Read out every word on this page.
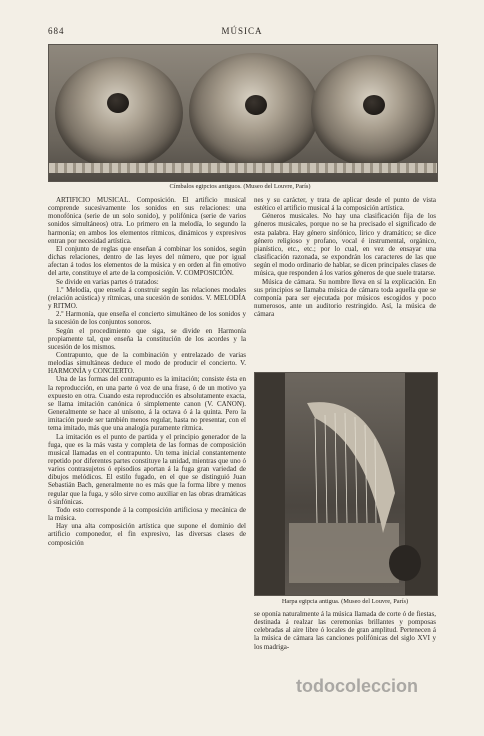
684	MÚSICA
Címbalos egipcios antiguos. (Museo del Louvre, París)

ARTIFICIO MUSICAL. Composición. El artificio musical comprende sucesivamente los sonidos en sus relaciones: una monofónica (serie de un solo sonido), y polifónica (serie de varios sonidos simultáneos) otra. Lo primero en la melodía, lo segundo la harmonía; en ambos los elementos rítmicos, dinámicos y expresivos entran por necesidad artística.

El conjunto de reglas que enseñan á combinar los sonidos, según dichas relaciones, dentro de las leyes del número, que por igual afectan á todos los elementos de la música y en orden al fin emotivo del arte, constituye el arte de la composición. V. COMPOSICIÓN.

Se divide en varias partes ó tratados:

1.º Melodía, que enseña á construir según las relaciones modales (relación acústica) y rítmicas, una sucesión de sonidos. V. MELODÍA y RITMO.

2.º Harmonía, que enseña el concierto simultáneo de los sonidos y la sucesión de los conjuntos sonoros.

Según el procedimiento que siga, se divide en Harmonía propiamente tal, que enseña la constitución de los acordes y la sucesión de los mismos.

Contrapunto, que de la combinación y entrelazado de varias melodías simultáneas deduce el modo de producir el concierto. V. HARMONÍA y CONCIERTO.

Una de las formas del contrapunto es la imitación; consiste ésta en la reproducción, en una parte ó voz de una frase, ó de un motivo ya expuesto en otra. Cuando esta reproducción es absolutamente exacta, se llama imitación canónica ó simplemente canon (V. CANON). Generalmente se hace al unísono, á la octava ó á la quinta. Pero la imitación puede ser también menos regular, hasta no presentar, con el tema imitado, más que una analogía puramente rítmica.

La imitación es el punto de partida y el principio generador de la fuga, que es la más vasta y completa de las formas de composición musical llamadas en el contrapunto. Un tema inicial constantemente repetido por diferentes partes constituye la unidad, mientras que uno ó varios contrasujetos ó episodios aportan á la fuga gran variedad de dibujos melódicos. El estilo fugado, en el que se distinguió Juan Sebastián Bach, generalmente no es más que la forma libre y menos regular que la fuga, y sólo sirve como auxiliar en las obras dramáticas ó sinfónicas.

Todo esto corresponde á la composición artificiosa y mecánica de la música.

Hay una alta composición artística que supone el dominio del artificio componedor, el fin expresivo, las diversas clases de composición

nes y su carácter, y trata de aplicar desde el punto de vista estético el artificio musical á la composición artística.

Géneros musicales. No hay una clasificación fija de los géneros musicales, porque no se ha precisado el significado de esta palabra. Hay género sinfónico, lírico y dramático; se dice género religioso y profano, vocal é instrumental, orgánico, pianístico, etc., etc.; por lo cual, en vez de ensayar una clasificación razonada, se expondrán los caracteres de las que según el modo ordinario de hablar, se dicen principales clases de música, que responden á los varios géneros de que suele tratarse.

Música de cámara. Su nombre lleva en sí la explicación. En sus principios se llamaba música de cámara toda aquella que se componía para ser ejecutada por músicos escogidos y poco numerosos, ante un auditorio restringido. Así, la música de cámara

Harpa egipcia antigua. (Museo del Louvre, París)

se oponía naturalmente á la música llamada de corte ó de fiestas, destinada á realzar las ceremonias brillantes y pomposas celebradas al aire libre ó locales de gran amplitud. Pertenecen á la música de cámara las canciones polifónicas del siglo XVI y los madriga-

todocoleccion
